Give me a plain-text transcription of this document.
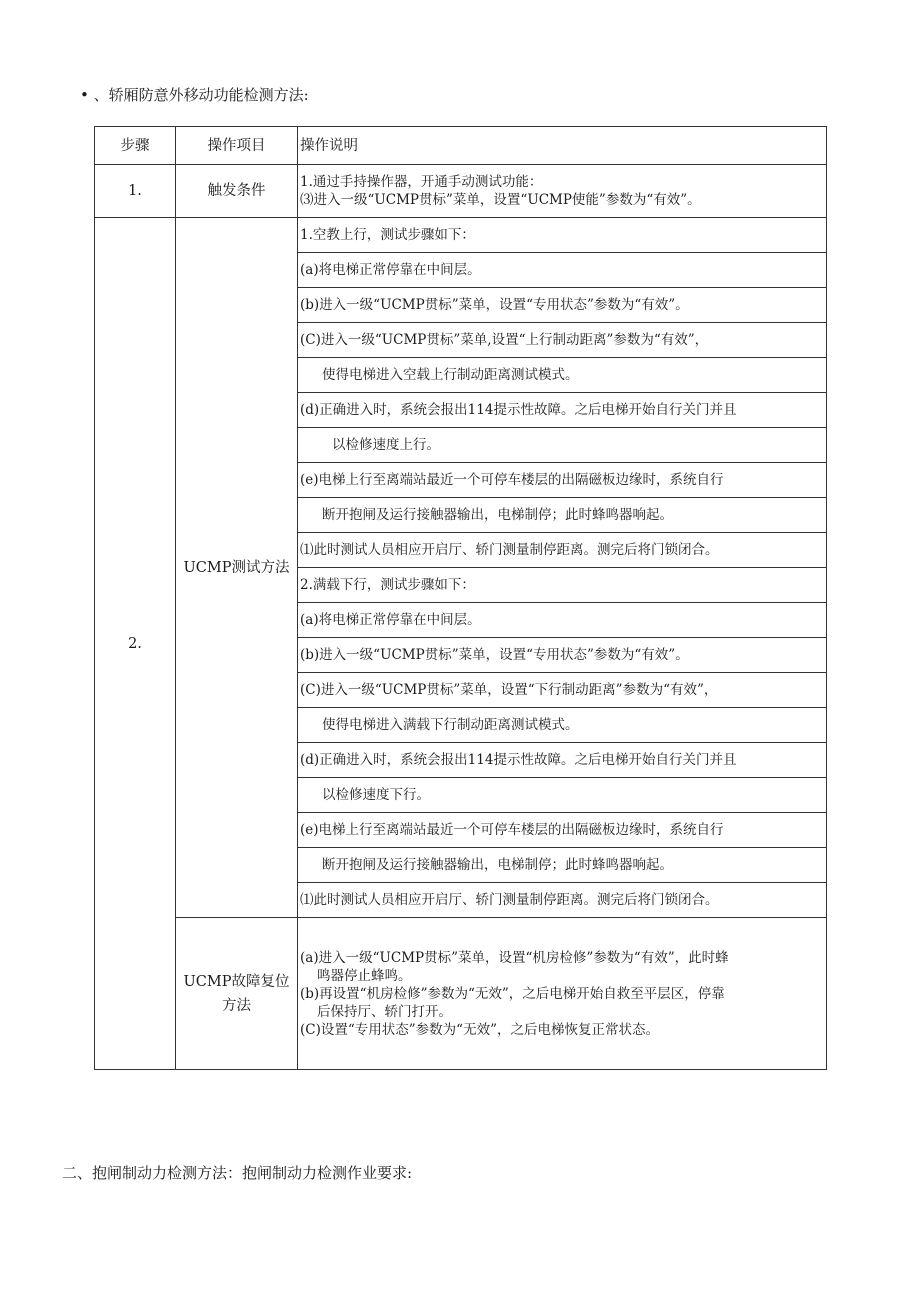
• 、轿厢防意外移动功能检测方法:
步骤	操作项目	操作说明
1.	触发条件	1.通过手持操作器，开通手动测试功能：
⑶进入一级“UCMP贯标”菜单，设置“UCMP使能”参数为“有效”。

2.	UCMP测试方法	1.空教上行，测试步骤如下：
		(a)将电梯正常停靠在中间层。
		(b)进入一级“UCMP贯标”菜单，设置“专用状态”参数为“有效”。
		(C)进入一级“UCMP贯标”菜单,设置“上行制动距离”参数为“有效”，
		使得电梯进入空载上行制动距离测试模式。
		(d)正确进入时，系统会报出114提示性故障。之后电梯开始自行关门并且
		以检修速度上行。
		(e)电梯上行至离端站最近一个可停车楼层的出隔磁板边缘时，系统自行
		断开抱闸及运行接触器输出，电梯制停；此时蜂鸣器响起。
		⑴此时测试人员相应开启厅、轿门测量制停距离。测完后将门锁闭合。
		2.满载下行，测试步骤如下：
		(a)将电梯正常停靠在中间层。
		(b)进入一级“UCMP贯标”菜单，设置“专用状态”参数为“有效”。
		(C)进入一级“UCMP贯标”菜单，设置“下行制动距离”参数为“有效”，
		使得电梯进入满载下行制动距离测试模式。
		(d)正确进入时，系统会报出114提示性故障。之后电梯开始自行关门并且
		以检修速度下行。
		(e)电梯上行至离端站最近一个可停车楼层的出隔磁板边缘时，系统自行
		断开抱闸及运行接触器输出，电梯制停；此时蜂鸣器响起。
		⑴此时测试人员相应开启厅、轿门测量制停距离。测完后将门锁闭合。
	UCMP故障复位方法	(a)进入一级“UCMP贯标”菜单，设置“机房检修”参数为“有效”，此时蜂
鸣器停止蜂鸣。
(b)再设置“机房检修”参数为“无效”，之后电梯开始自救至平层区，停靠
后保持厅、轿门打开。
(C)设置“专用状态”参数为“无效”，之后电梯恢复正常状态。
二、抱闸制动力检测方法：抱闸制动力检测作业要求:
